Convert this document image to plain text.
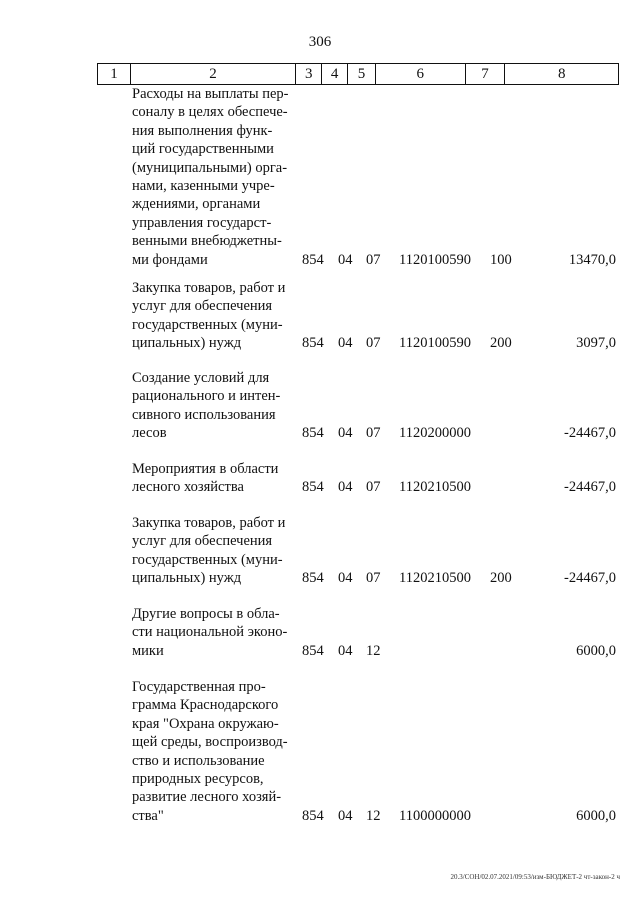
306
1	2	3	4	5	6	7	8
Расходы на выплаты пер-
соналу в целях обеспече-
ния выполнения функ-
ций государственными
(муниципальными) орга-
нами, казенными учре-
ждениями, органами
управления государст-
венными внебюджетны-
ми фондами	854 04 07 1120100590 100	13470,0
Закупка товаров, работ и
услуг для обеспечения
государственных (муни-
ципальных) нужд	854 04 07 1120100590 200	3097,0
Создание условий для
рационального и интен-
сивного использования
лесов	854 04 07 1120200000	-24467,0
Мероприятия в области
лесного хозяйства	854 04 07 1120210500	-24467,0
Закупка товаров, работ и
услуг для обеспечения
государственных (муни-
ципальных) нужд	854 04 07 1120210500 200	-24467,0
Другие вопросы в обла-
сти национальной эконо-
мики	854 04 12	6000,0
Государственная про-
грамма Краснодарского
края "Охрана окружаю-
щей среды, воспроизвод-
ство и использование
природных ресурсов,
развитие лесного хозяй-
ства"	854 04 12 1100000000	6000,0
20.3/СОН/02.07.2021/09:53/изм-БЮДЖЕТ-2 чт-закон-2 ч
